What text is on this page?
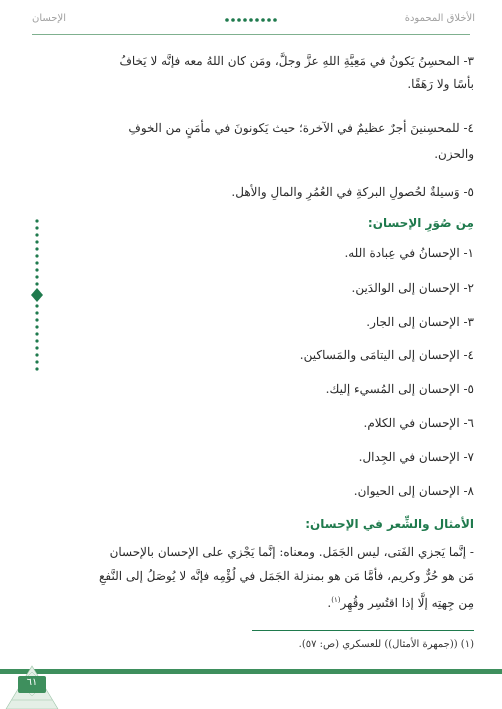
الأخلاق المحمودة
الإحسان
٣- المحسِنُ يَكونُ في مَعِيَّةِ اللهِ عزَّ وجلَّ، ومَن كان اللهُ معه فإنَّه لا يَخافُ
بأسًا ولا رَهَقًا.
٤- للمحسِنينَ أجرٌ عظيمٌ في الآخرة؛ حيث يَكونونَ في مأمَنٍ من الخوفِ
والحزن.
٥- وَسيلةٌ لحُصولِ البركةِ في العُمُرِ والمالِ والأهل.
مِن صُوَرِ الإحسان:
١- الإحسانُ في عِبادة الله.
٢- الإحسان إلى الوالدَين.
٣- الإحسان إلى الجار.
٤- الإحسان إلى اليتامَى والمَساكين.
٥- الإحسان إلى المُسيء إليك.
٦- الإحسان في الكلام.
٧- الإحسان في الجِدال.
٨- الإحسان إلى الحيوان.
الأمثال والشِّعر في الإحسان:
- إنَّما يَجزي الفَتى، ليس الجَمَل. ومعناه: إنَّما يَجْزي على الإحسان بالإحسان
مَن هو حُرٌّ وكريم، فأمَّا مَن هو بمنزلة الجَمَل في لُؤْمِه فإنَّه لا يُوصَلُ إلى النَّفعِ
مِن جِهتِه إلَّا إذا اقتُسِر وقُهِر$^{(١)}$.
(١) ((جمهرة الأمثال)) للعسكري (ص: ٥٧).
٦١
